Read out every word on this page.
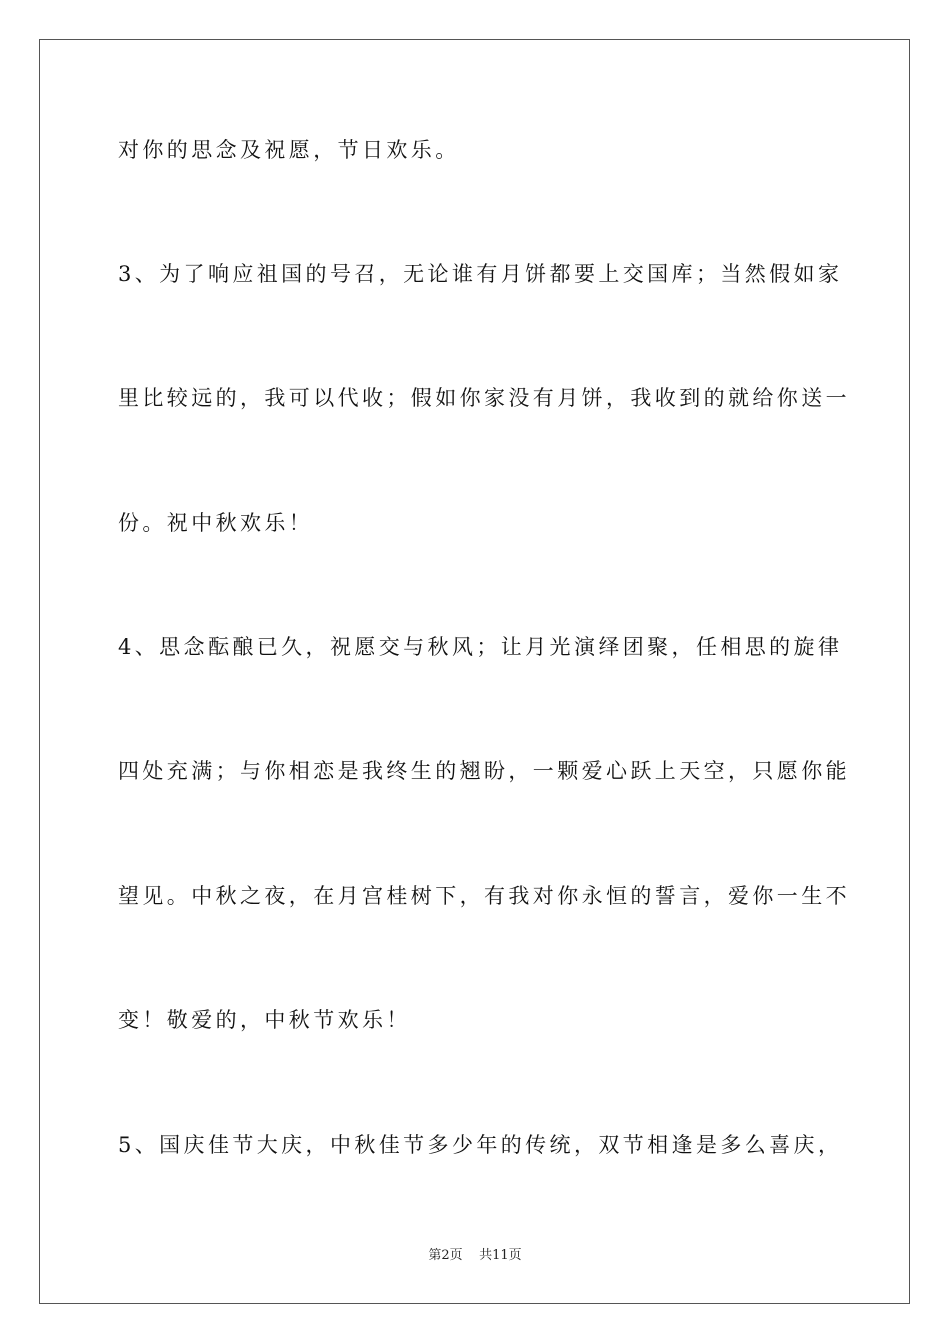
对你的思念及祝愿，节日欢乐。
3、为了响应祖国的号召，无论谁有月饼都要上交国库；当然假如家
里比较远的，我可以代收；假如你家没有月饼，我收到的就给你送一
份。祝中秋欢乐！
4、思念酝酿已久，祝愿交与秋风；让月光演绎团聚，任相思的旋律
四处充满；与你相恋是我终生的翘盼，一颗爱心跃上天空，只愿你能
望见。中秋之夜，在月宫桂树下，有我对你永恒的誓言，爱你一生不
变！敬爱的，中秋节欢乐！
5、国庆佳节大庆，中秋佳节多少年的传统，双节相逢是多么喜庆，
第2页 共11页
